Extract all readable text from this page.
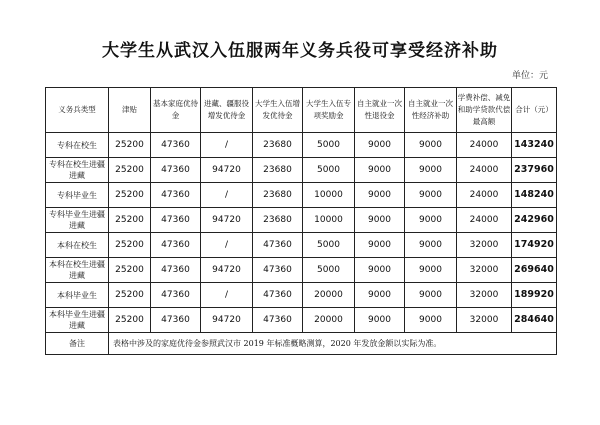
大学生从武汉入伍服两年义务兵役可享受经济补助
单位：元
义务兵类型	津贴	基本家庭优待金	进藏、疆服役增发优待金	大学生入伍增发优待金	大学生入伍专项奖励金	自主就业一次性退役金	自主就业一次性经济补助	学费补偿、减免和助学贷款代偿最高额	合计（元）
专科在校生	25200	47360	/	23680	5000	9000	9000	24000	143240
专科在校生进疆进藏	25200	47360	94720	23680	5000	9000	9000	24000	237960
专科毕业生	25200	47360	/	23680	10000	9000	9000	24000	148240
专科毕业生进疆进藏	25200	47360	94720	23680	10000	9000	9000	24000	242960
本科在校生	25200	47360	/	47360	5000	9000	9000	32000	174920
本科在校生进疆进藏	25200	47360	94720	47360	5000	9000	9000	32000	269640
本科毕业生	25200	47360	/	47360	20000	9000	9000	32000	189920
本科毕业生进疆进藏	25200	47360	94720	47360	20000	9000	9000	32000	284640
备注	表格中涉及的家庭优待金参照武汉市 2019 年标准概略测算，2020 年发放金额以实际为准。								
